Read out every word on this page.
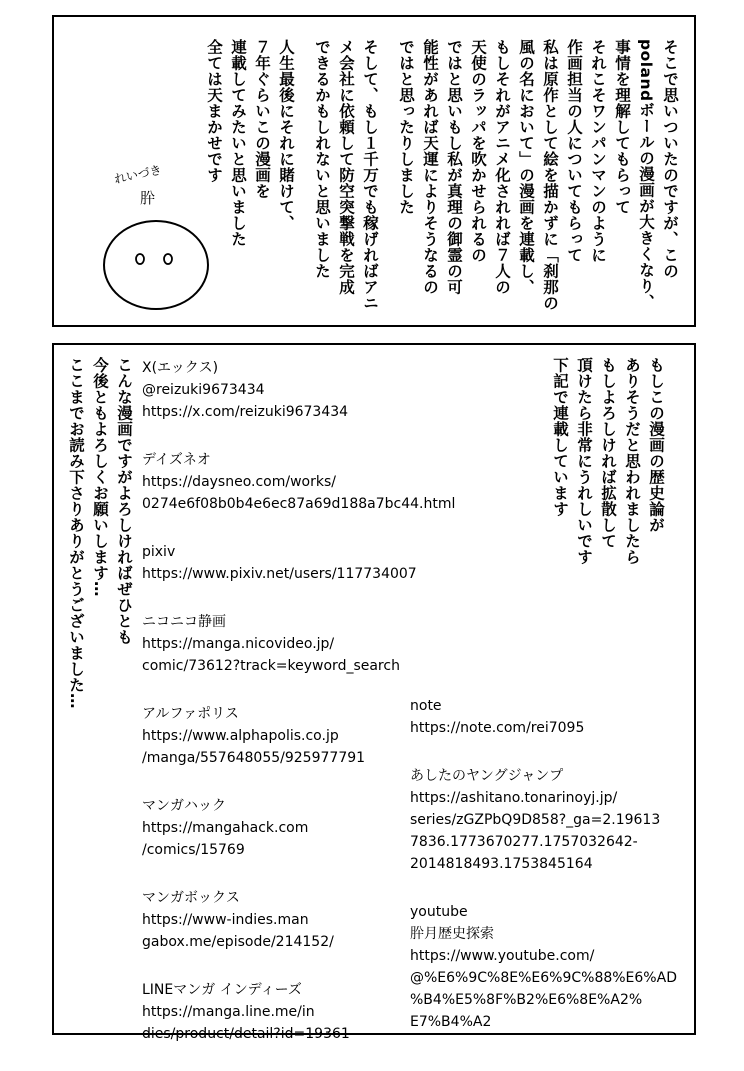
そこで思いついたのですが、この
polandボールの漫画が大きくなり、
事情を理解してもらって
それこそワンパンマンのように
作画担当の人についてもらって
私は原作として絵を描かずに「刹那の
風の名において」の漫画を連載し、
もしそれがアニメ化されれば７人の
天使のラッパを吹かせられるの
ではと思いもし私が真理の御霊の可
能性があれば天運によりそうなるの
ではと思ったりしました
そして、もし１千万でも稼げればアニ
メ会社に依頼して防空突撃戦を完成
できるかもしれないと思いました
人生最後にそれに賭けて、
７年ぐらいこの漫画を
連載してみたいと思いました
全ては天まかせです
れいづき
肸
もしこの漫画の歴史論が
ありそうだと思われましたら
もしよろしければ拡散して
頂けたら非常にうれしいです
下記で連載しています
こんな漫画ですがよろしければぜひとも
今後ともよろしくお願いします…
ここまでお読み下さりありがとうございました…	X(エックス)
@reizuki9673434
https://x.com/reizuki9673434
デイズネオ
https://daysneo.com/works/
0274e6f08b0b4e6ec87a69d188a7bc44.html
pixiv
https://www.pixiv.net/users/117734007
ニコニコ静画
https://manga.nicovideo.jp/
comic/73612?track=keyword_search
アルファポリス
https://www.alphapolis.co.jp
/manga/557648055/925977791
マンガハック
https://mangahack.com
/comics/15769
マンガボックス
https://www-indies.man
gabox.me/episode/214152/
LINEマンガ インディーズ
https://manga.line.me/in
dies/product/detail?id=19361
note
https://note.com/rei7095
あしたのヤングジャンプ
https://ashitano.tonarinoyj.jp/
series/zGZPbQ9D858?_ga=2.19613
7836.1773670277.1757032642-
2014818493.1753845164
youtube
肸月歴史探索
https://www.youtube.com/
@%E6%9C%8E%E6%9C%88%E6%AD
%B4%E5%8F%B2%E6%8E%A2%
E7%B4%A2
